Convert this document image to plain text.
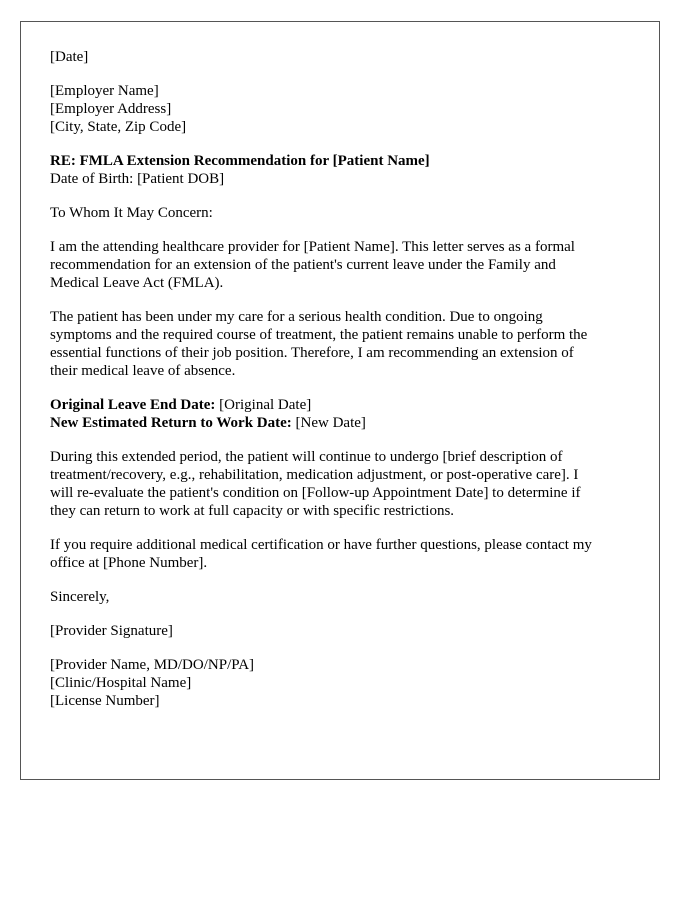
[Date]
[Employer Name]
[Employer Address]
[City, State, Zip Code]
RE: FMLA Extension Recommendation for [Patient Name]
Date of Birth: [Patient DOB]
To Whom It May Concern:
I am the attending healthcare provider for [Patient Name]. This letter serves as a formal
recommendation for an extension of the patient's current leave under the Family and
Medical Leave Act (FMLA).
The patient has been under my care for a serious health condition. Due to ongoing
symptoms and the required course of treatment, the patient remains unable to perform the
essential functions of their job position. Therefore, I am recommending an extension of
their medical leave of absence.
Original Leave End Date: [Original Date]
New Estimated Return to Work Date: [New Date]
During this extended period, the patient will continue to undergo [brief description of
treatment/recovery, e.g., rehabilitation, medication adjustment, or post-operative care]. I
will re-evaluate the patient's condition on [Follow-up Appointment Date] to determine if
they can return to work at full capacity or with specific restrictions.
If you require additional medical certification or have further questions, please contact my
office at [Phone Number].
Sincerely,
[Provider Signature]
[Provider Name, MD/DO/NP/PA]
[Clinic/Hospital Name]
[License Number]
